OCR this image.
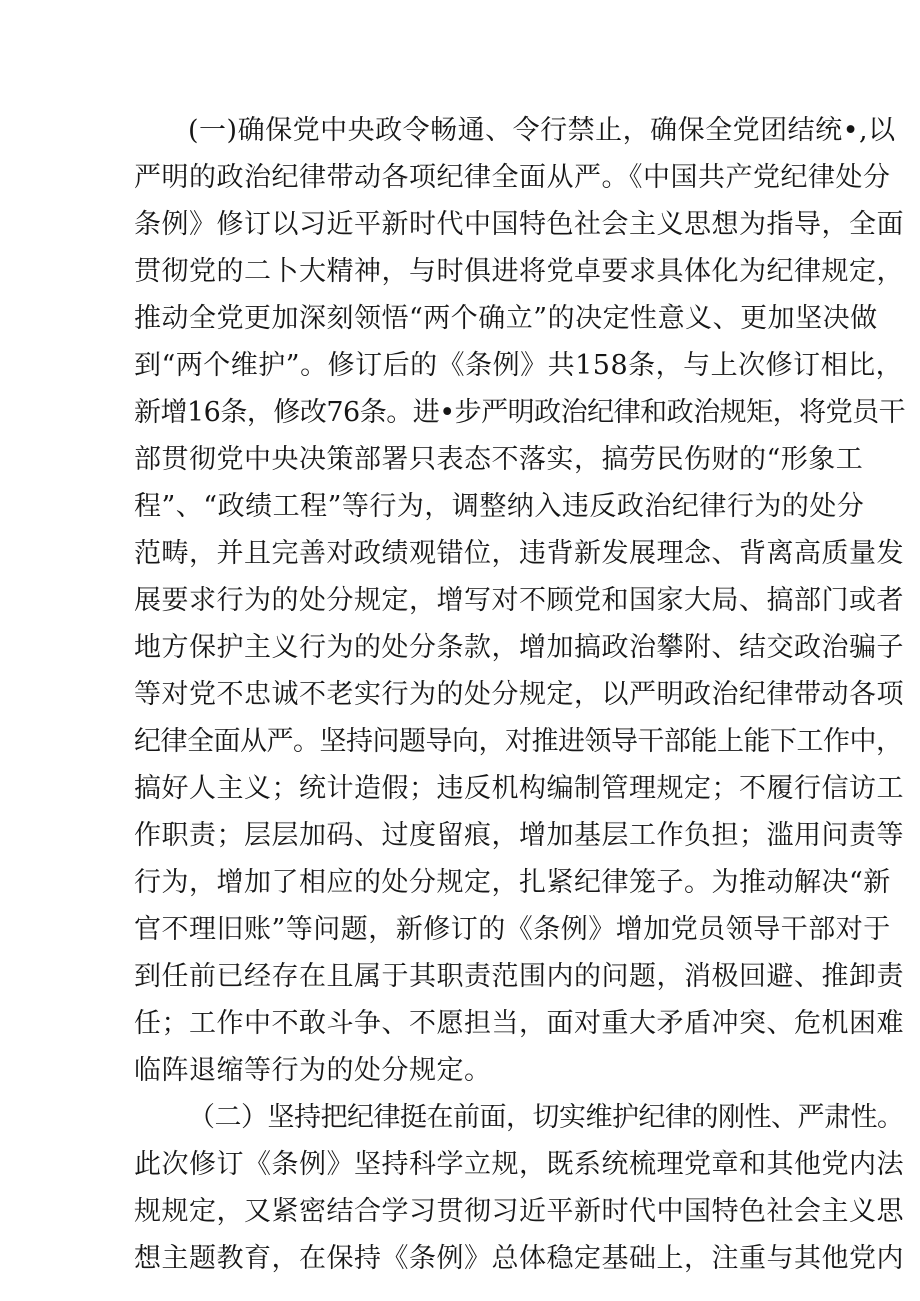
(一)确保党中央政令畅通、令行禁止，确保全党团结统•,以
严明的政治纪律带动各项纪律全面从严。《中国共产党纪律处分
条例》修订以习近平新时代中国特色社会主义思想为指导，全面
贯彻党的二卜大精神，与时俱进将党卓要求具体化为纪律规定，
推动全党更加深刻领悟“两个确立”的决定性意义、更加坚决做
到“两个维护”。修订后的《条例》共158条，与上次修订相比，
新增16条，修改76条。进•步严明政治纪律和政治规矩，将党员干
部贯彻党中央决策部署只表态不落实，搞劳民伤财的“形象工
程”、“政绩工程”等行为，调整纳入违反政治纪律行为的处分
范畴，并且完善对政绩观错位，违背新发展理念、背离高质量发
展要求行为的处分规定，增写对不顾党和国家大局、搞部门或者
地方保护主义行为的处分条款，增加搞政治攀附、结交政治骗子
等对党不忠诚不老实行为的处分规定，以严明政治纪律带动各项
纪律全面从严。坚持问题导向，对推进领导干部能上能下工作中，
搞好人主义；统计造假；违反机构编制管理规定；不履行信访工
作职责；层层加码、过度留痕，增加基层工作负担；滥用问责等
行为，增加了相应的处分规定，扎紧纪律笼子。为推动解决“新
官不理旧账”等问题，新修订的《条例》增加党员领导干部对于
到任前已经存在且属于其职责范围内的问题，消极回避、推卸责
任；工作中不敢斗争、不愿担当，面对重大矛盾冲突、危机困难
临阵退缩等行为的处分规定。
（二）坚持把纪律挺在前面，切实维护纪律的刚性、严肃性。
此次修订《条例》坚持科学立规，既系统梳理党章和其他党内法
规规定，又紧密结合学习贯彻习近平新时代中国特色社会主义思
想主题教育，在保持《条例》总体稳定基础上，注重与其他党内
